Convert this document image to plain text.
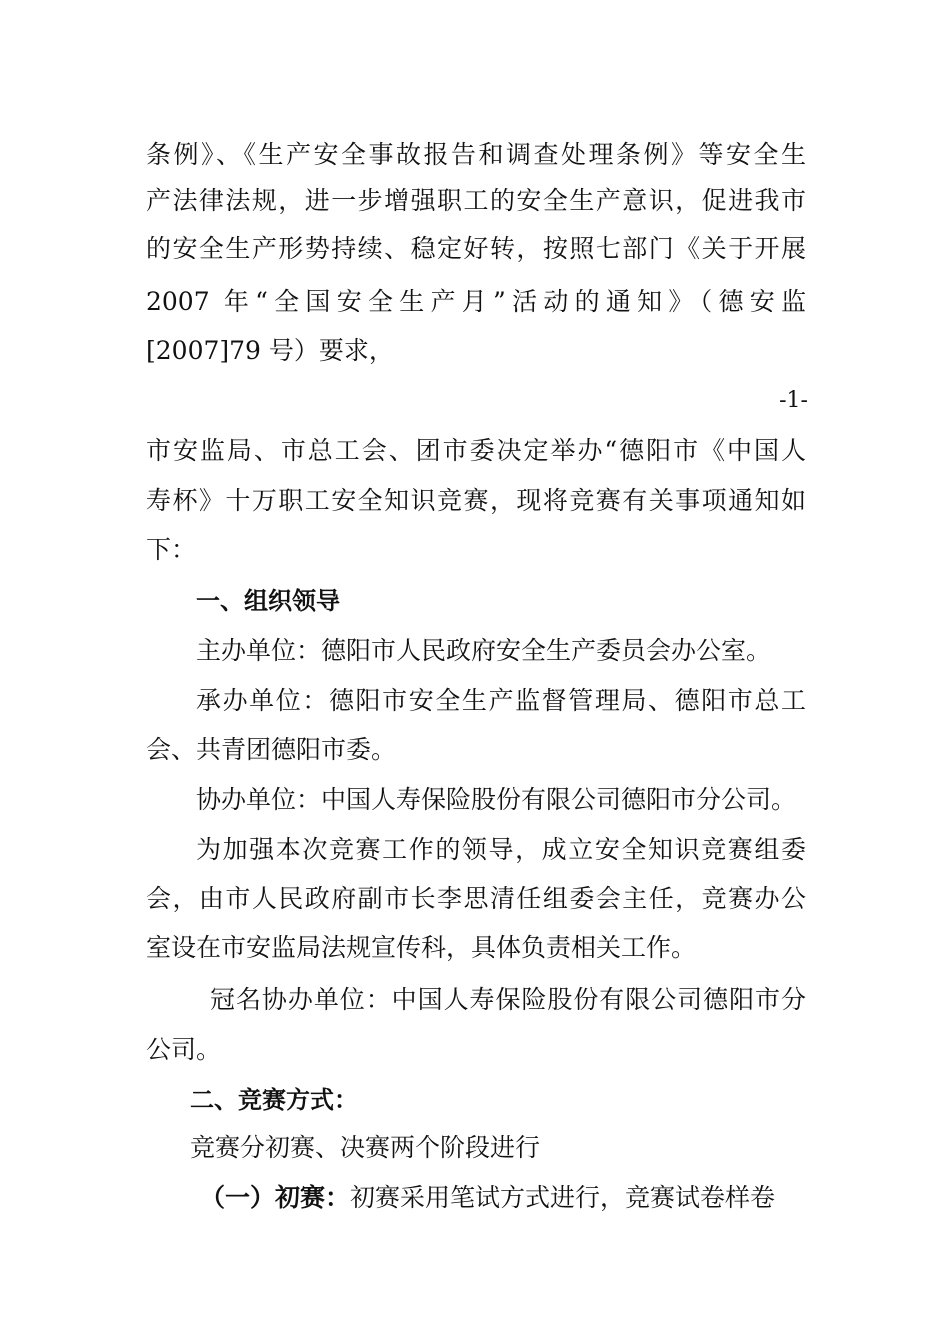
条例》、《生产安全事故报告和调查处理条例》等安全生
产法律法规，进一步增强职工的安全生产意识，促进我市
的安全生产形势持续、稳定好转，按照七部门《关于开展
2007 年“全国安全生产月”活动的通知》（德安监
[2007]79 号）要求，
-1-
市安监局、市总工会、团市委决定举办“德阳市《中国人
寿杯》十万职工安全知识竞赛，现将竞赛有关事项通知如
下：
一、组织领导
主办单位：德阳市人民政府安全生产委员会办公室。
承办单位：德阳市安全生产监督管理局、德阳市总工
会、共青团德阳市委。
协办单位：中国人寿保险股份有限公司德阳市分公司。
为加强本次竞赛工作的领导，成立安全知识竞赛组委
会，由市人民政府副市长李思清任组委会主任，竞赛办公
室设在市安监局法规宣传科，具体负责相关工作。
冠名协办单位：中国人寿保险股份有限公司德阳市分
公司。
二、竞赛方式：
竞赛分初赛、决赛两个阶段进行
（一）初赛：初赛采用笔试方式进行，竞赛试卷样卷
